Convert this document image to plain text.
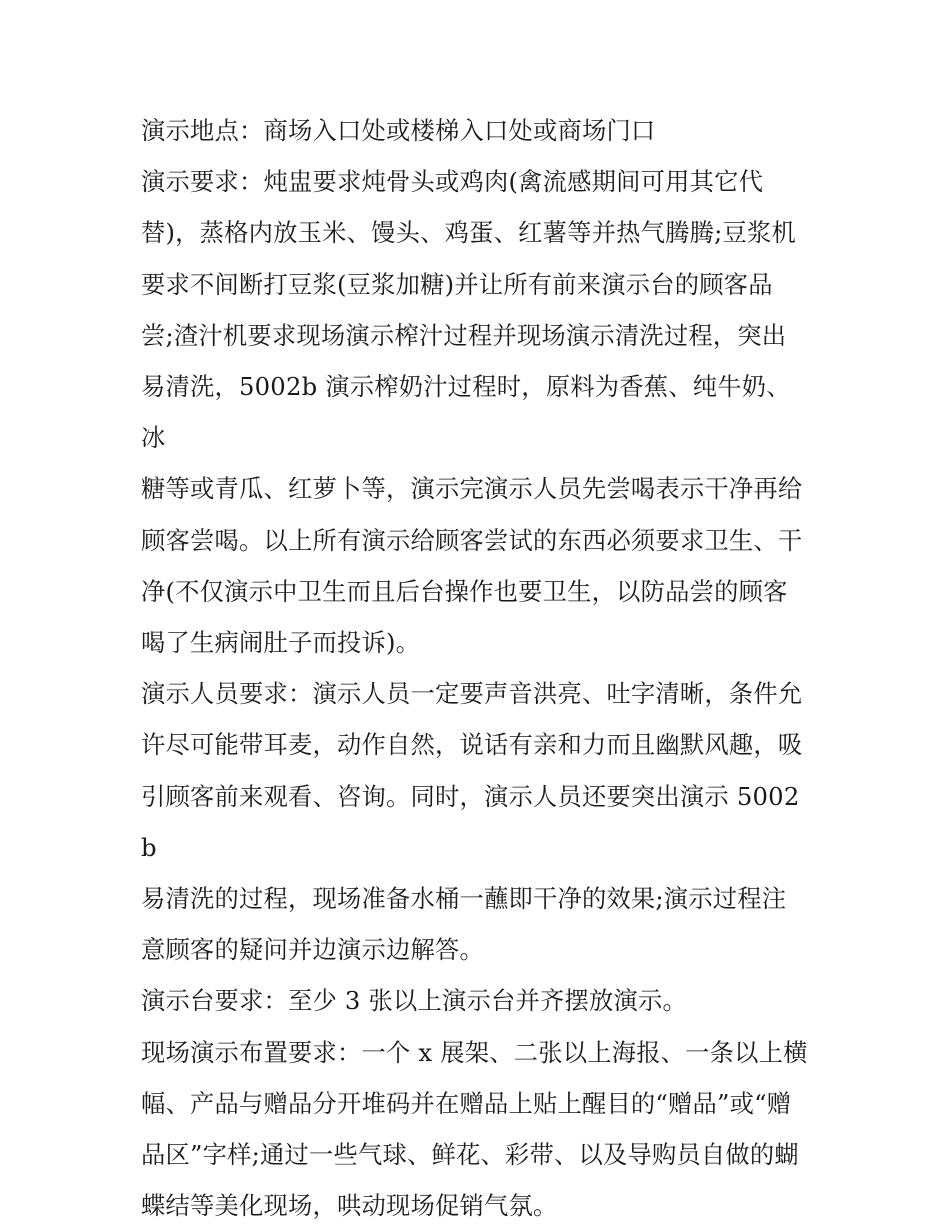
演示地点：商场入口处或楼梯入口处或商场门口

演示要求：炖盅要求炖骨头或鸡肉(禽流感期间可用其它代
替)，蒸格内放玉米、馒头、鸡蛋、红薯等并热气腾腾;豆浆机
要求不间断打豆浆(豆浆加糖)并让所有前来演示台的顾客品
尝;渣汁机要求现场演示榨汁过程并现场演示清洗过程，突出
易清洗，5002b 演示榨奶汁过程时，原料为香蕉、纯牛奶、冰
糖等或青瓜、红萝卜等，演示完演示人员先尝喝表示干净再给
顾客尝喝。以上所有演示给顾客尝试的东西必须要求卫生、干
净(不仅演示中卫生而且后台操作也要卫生，以防品尝的顾客
喝了生病闹肚子而投诉)。

演示人员要求：演示人员一定要声音洪亮、吐字清晰，条件允
许尽可能带耳麦，动作自然，说话有亲和力而且幽默风趣，吸
引顾客前来观看、咨询。同时，演示人员还要突出演示 5002b
易清洗的过程，现场准备水桶一蘸即干净的效果;演示过程注
意顾客的疑问并边演示边解答。

演示台要求：至少 3 张以上演示台并齐摆放演示。

现场演示布置要求：一个 x 展架、二张以上海报、一条以上横
幅、产品与赠品分开堆码并在赠品上贴上醒目的“赠品”或“赠
品区”字样;通过一些气球、鲜花、彩带、以及导购员自做的蝴
蝶结等美化现场，哄动现场促销气氛。
